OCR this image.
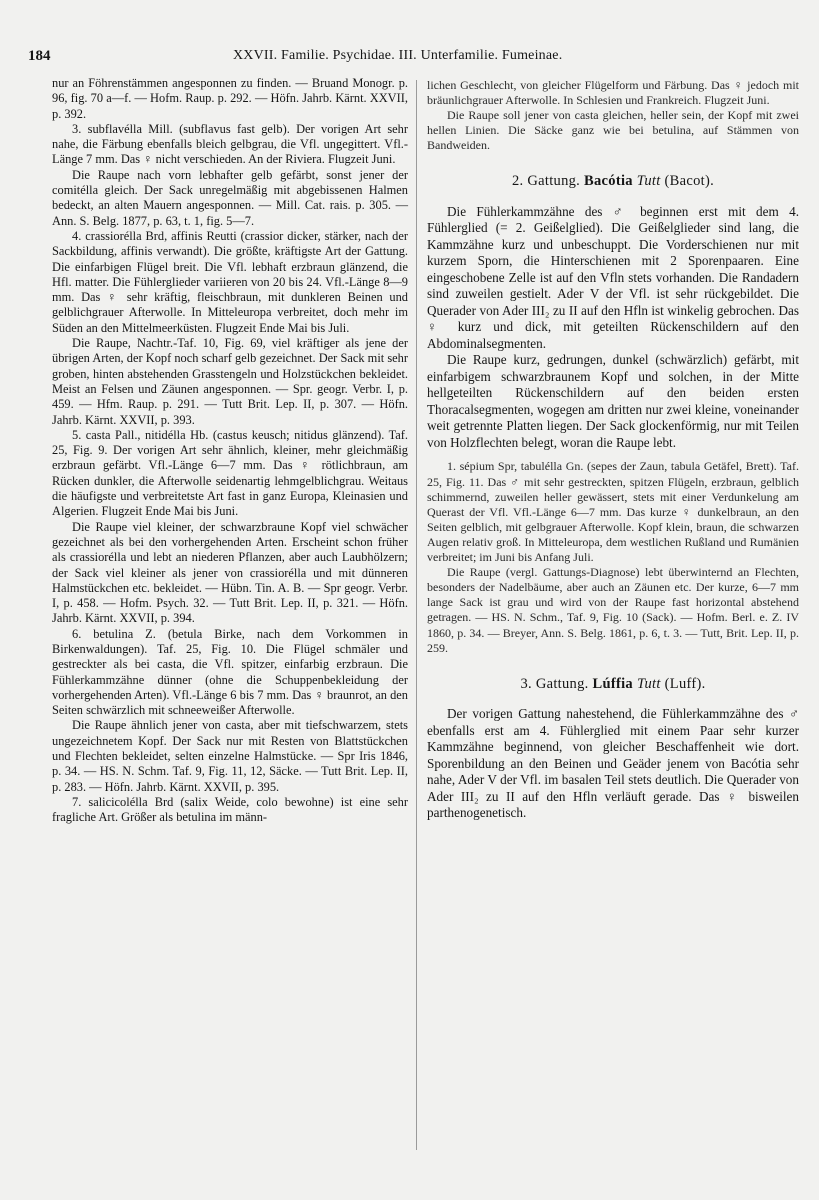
184	XXVII. Familie. Psychidae. III. Unterfamilie. Fumeinae.

nur an Föhrenstämmen angesponnen zu finden. — Bruand Monogr. p. 96, fig. 70 a—f. — Hofm. Raup. p. 292. — Höfn. Jahrb. Kärnt. XXVII, p. 392.

3. subflavélla Mill. (subflavus fast gelb). Der vorigen Art sehr nahe, die Färbung ebenfalls bleich gelbgrau, die Vfl. ungegittert. Vfl.-Länge 7 mm. Das ♀ nicht verschieden. An der Riviera. Flugzeit Juni.

Die Raupe nach vorn lebhafter gelb gefärbt, sonst jener der comitélla gleich. Der Sack unregelmäßig mit abgebissenen Halmen bedeckt, an alten Mauern angesponnen. — Mill. Cat. rais. p. 305. — Ann. S. Belg. 1877, p. 63, t. 1, fig. 5—7.

4. crassiorélla Brd, affinis Reutti (crassior dicker, stärker, nach der Sackbildung, affinis verwandt). Die größte, kräftigste Art der Gattung. Die einfarbigen Flügel breit. Die Vfl. lebhaft erzbraun glänzend, die Hfl. matter. Die Fühlerglieder variieren von 20 bis 24. Vfl.-Länge 8—9 mm. Das ♀ sehr kräftig, fleischbraun, mit dunkleren Beinen und gelblichgrauer Afterwolle. In Mitteleuropa verbreitet, doch mehr im Süden an den Mittelmeerküsten. Flugzeit Ende Mai bis Juli.

Die Raupe, Nachtr.-Taf. 10, Fig. 69, viel kräftiger als jene der übrigen Arten, der Kopf noch scharf gelb gezeichnet. Der Sack mit sehr groben, hinten abstehenden Grasstengeln und Holzstückchen bekleidet. Meist an Felsen und Zäunen angesponnen. — Spr. geogr. Verbr. I, p. 459. — Hfm. Raup. p. 291. — Tutt Brit. Lep. II, p. 307. — Höfn. Jahrb. Kärnt. XXVII, p. 393.

5. casta Pall., nitidélla Hb. (castus keusch; nitidus glänzend). Taf. 25, Fig. 9. Der vorigen Art sehr ähnlich, kleiner, mehr gleichmäßig erzbraun gefärbt. Vfl.-Länge 6—7 mm. Das ♀ rötlichbraun, am Rücken dunkler, die Afterwolle seidenartig lehmgelblichgrau. Weitaus die häufigste und verbreitetste Art fast in ganz Europa, Kleinasien und Algerien. Flugzeit Ende Mai bis Juni.

Die Raupe viel kleiner, der schwarzbraune Kopf viel schwächer gezeichnet als bei den vorhergehenden Arten. Erscheint schon früher als crassiorélla und lebt an niederen Pflanzen, aber auch Laubhölzern; der Sack viel kleiner als jener von crassiorélla und mit dünneren Halmstückchen etc. bekleidet. — Hübn. Tin. A. B. — Spr geogr. Verbr. I, p. 458. — Hofm. Psych. 32. — Tutt Brit. Lep. II, p. 321. — Höfn. Jahrb. Kärnt. XXVII, p. 394.

6. betulina Z. (betula Birke, nach dem Vorkommen in Birkenwaldungen). Taf. 25, Fig. 10. Die Flügel schmäler und gestreckter als bei casta, die Vfl. spitzer, einfarbig erzbraun. Die Fühlerkammzähne dünner (ohne die Schuppenbekleidung der vorhergehenden Arten). Vfl.-Länge 6 bis 7 mm. Das ♀ braunrot, an den Seiten schwärzlich mit schneeweißer Afterwolle.

Die Raupe ähnlich jener von casta, aber mit tiefschwarzem, stets ungezeichnetem Kopf. Der Sack nur mit Resten von Blattstückchen und Flechten bekleidet, selten einzelne Halmstücke. — Spr Iris 1846, p. 34. — HS. N. Schm. Taf. 9, Fig. 11, 12, Säcke. — Tutt Brit. Lep. II, p. 283. — Höfn. Jahrb. Kärnt. XXVII, p. 395.

7. salicicolélla Brd (salix Weide, colo bewohne) ist eine sehr fragliche Art. Größer als betulina im männ-

lichen Geschlecht, von gleicher Flügelform und Färbung. Das ♀ jedoch mit bräunlichgrauer Afterwolle. In Schlesien und Frankreich. Flugzeit Juni.

Die Raupe soll jener von casta gleichen, heller sein, der Kopf mit zwei hellen Linien. Die Säcke ganz wie bei betulina, auf Stämmen von Bandweiden.

2. Gattung. Bacótia Tutt (Bacot).

Die Fühlerkammzähne des ♂ beginnen erst mit dem 4. Fühlerglied (= 2. Geißelglied). Die Geißelglieder sind lang, die Kammzähne kurz und unbeschuppt. Die Vorderschienen nur mit kurzem Sporn, die Hinterschienen mit 2 Sporenpaaren. Eine eingeschobene Zelle ist auf den Vfln stets vorhanden. Die Randadern sind zuweilen gestielt. Ader V der Vfl. ist sehr rückgebildet. Die Querader von Ader III₂ zu II auf den Hfln ist winkelig gebrochen. Das ♀ kurz und dick, mit geteilten Rückenschildern auf den Abdominalsegmenten.

Die Raupe kurz, gedrungen, dunkel (schwärzlich) gefärbt, mit einfarbigem schwarzbraunem Kopf und solchen, in der Mitte hellgeteilten Rückenschildern auf den beiden ersten Thoracalsegmenten, wogegen am dritten nur zwei kleine, voneinander weit getrennte Platten liegen. Der Sack glockenförmig, nur mit Teilen von Holzflechten belegt, woran die Raupe lebt.

1. sépium Spr, tabulélla Gn. (sepes der Zaun, tabula Getäfel, Brett). Taf. 25, Fig. 11. Das ♂ mit sehr gestreckten, spitzen Flügeln, erzbraun, gelblich schimmernd, zuweilen heller gewässert, stets mit einer Verdunkelung am Querast der Vfl. Vfl.-Länge 6—7 mm. Das kurze ♀ dunkelbraun, an den Seiten gelblich, mit gelbgrauer Afterwolle. Kopf klein, braun, die schwarzen Augen relativ groß. In Mitteleuropa, dem westlichen Rußland und Rumänien verbreitet; im Juni bis Anfang Juli.

Die Raupe (vergl. Gattungs-Diagnose) lebt überwinternd an Flechten, besonders der Nadelbäume, aber auch an Zäunen etc. Der kurze, 6—7 mm lange Sack ist grau und wird von der Raupe fast horizontal abstehend getragen. — HS. N. Schm., Taf. 9, Fig. 10 (Sack). — Hofm. Berl. e. Z. IV 1860, p. 34. — Breyer, Ann. S. Belg. 1861, p. 6, t. 3. — Tutt, Brit. Lep. II, p. 259.

3. Gattung. Lúffia Tutt (Luff).

Der vorigen Gattung nahestehend, die Fühlerkammzähne des ♂ ebenfalls erst am 4. Fühlerglied mit einem Paar sehr kurzer Kammzähne beginnend, von gleicher Beschaffenheit wie dort. Sporenbildung an den Beinen und Geäder jenem von Bacótia sehr nahe, Ader V der Vfl. im basalen Teil stets deutlich. Die Querader von Ader III₂ zu II auf den Hfln verläuft gerade. Das ♀ bisweilen parthenogenetisch.
